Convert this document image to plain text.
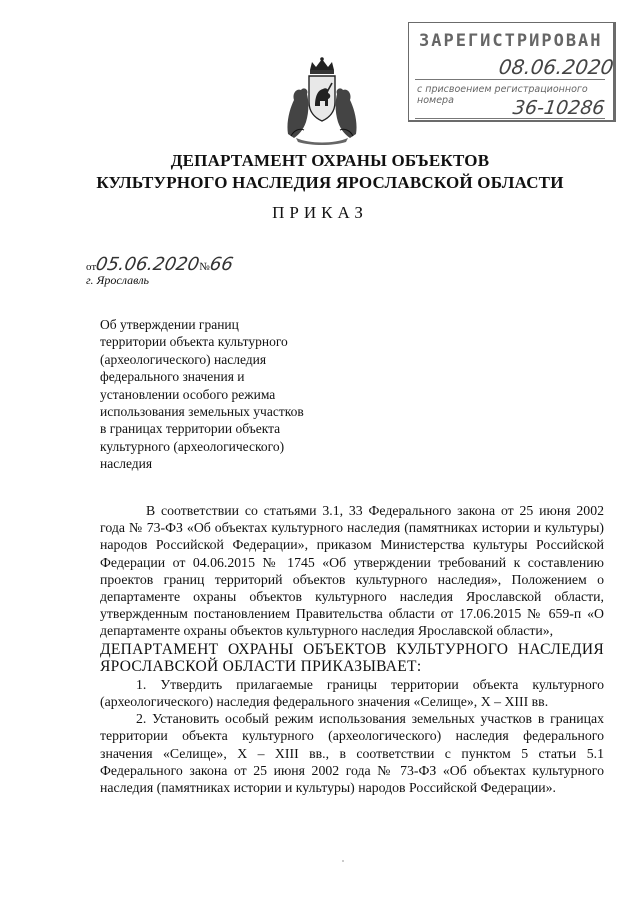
ЗАРЕГИСТРИРОВАН
08.06.2020
с присвоением регистрационного номера	36-10286
ДЕПАРТАМЕНТ ОХРАНЫ ОБЪЕКТОВ
КУЛЬТУРНОГО НАСЛЕДИЯ ЯРОСЛАВСКОЙ ОБЛАСТИ
ПРИКАЗ
от05.06.2020№66
г. Ярославль
Об утверждении границ
территории объекта культурного
(археологического) наследия
федерального значения и
установлении особого режима
использования земельных участков
в границах территории объекта
культурного (археологического)
наследия

В соответствии со статьями 3.1, 33 Федерального закона от 25 июня 2002 года № 73-ФЗ «Об объектах культурного наследия (памятниках истории и культуры) народов Российской Федерации», приказом Министерства культуры Российской Федерации от 04.06.2015 № 1745 «Об утверждении требований к составлению проектов границ территорий объектов культурного наследия», Положением о департаменте охраны объектов культурного наследия Ярославской области, утвержденным постановлением Правительства области от 17.06.2015 № 659-п «О департаменте охраны объектов культурного наследия Ярославской области»,

ДЕПАРТАМЕНТ ОХРАНЫ ОБЪЕКТОВ КУЛЬТУРНОГО НАСЛЕДИЯ ЯРОСЛАВСКОЙ ОБЛАСТИ ПРИКАЗЫВАЕТ:

1. Утвердить прилагаемые границы территории объекта культурного (археологического) наследия федерального значения «Селище», X – XIII вв.

2. Установить особый режим использования земельных участков в границах территории объекта культурного (археологического) наследия федерального значения «Селище», X – XIII вв., в соответствии с пунктом 5 статьи 5.1 Федерального закона от 25 июня 2002 года № 73-ФЗ «Об объектах культурного наследия (памятниках истории и культуры) народов Российской Федерации».
